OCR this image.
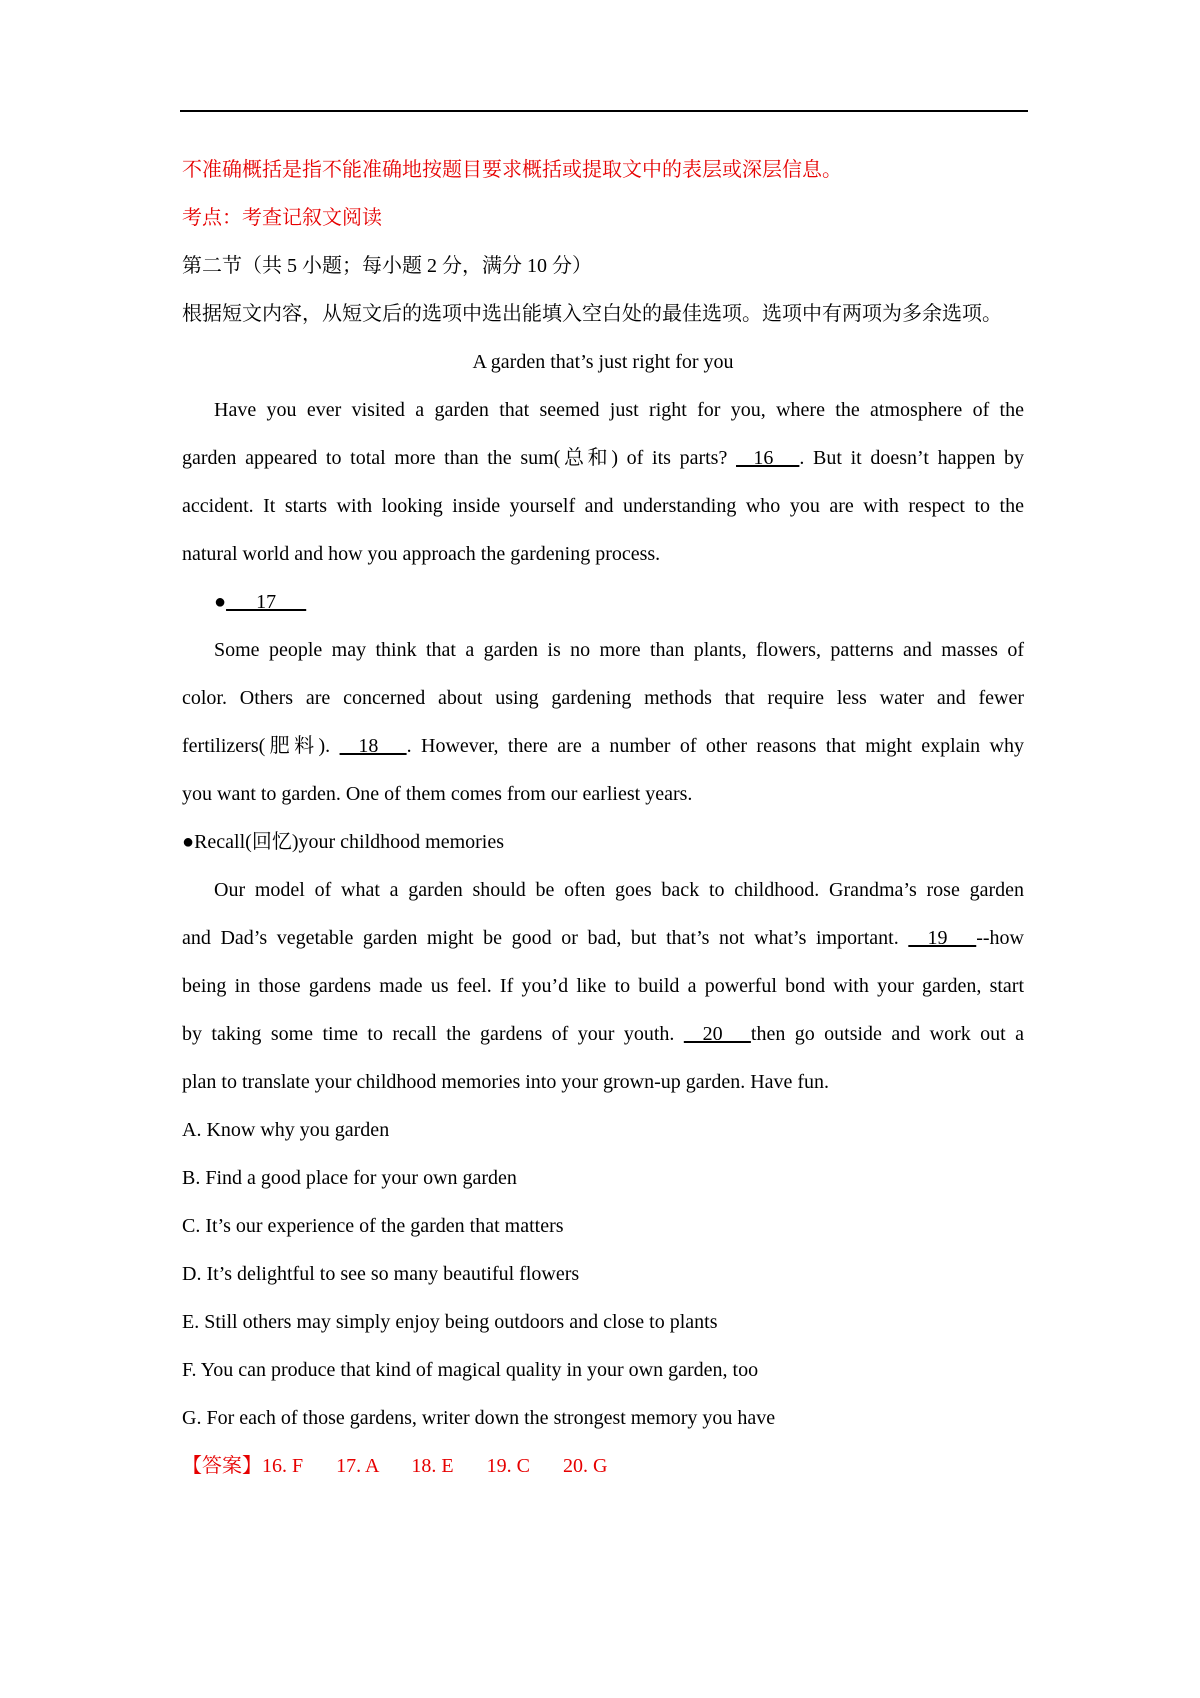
不准确概括是指不能准确地按题目要求概括或提取文中的表层或深层信息。
考点：考查记叙文阅读
第二节（共 5 小题；每小题 2 分，满分 10 分）
根据短文内容，从短文后的选项中选出能填入空白处的最佳选项。选项中有两项为多余选项。
A garden that’s just right for you
Have you ever visited a garden that seemed just right for you, where the atmosphere of the
garden appeared to total more than the sum(总和) of its parts?   16   . But it doesn’t happen by
accident. It starts with looking inside yourself and understanding who you are with respect to the
natural world and how you approach the gardening process.
●___17___
Some people may think that a garden is no more than plants, flowers, patterns and masses of
color. Others are concerned about using gardening methods that require less water and fewer
fertilizers(肥料).   18   . However, there are a number of other reasons that might explain why
you want to garden. One of them comes from our earliest years.
●Recall(回忆)your childhood memories
Our model of what a garden should be often goes back to childhood. Grandma’s rose garden
and Dad’s vegetable garden might be good or bad, but that’s not what’s important.   19   --how
being in those gardens made us feel. If you’d like to build a powerful bond with your garden, start
by taking some time to recall the gardens of your youth.   20   then go outside and work out a
plan to translate your childhood memories into your grown-up garden. Have fun.
A. Know why you garden
B. Find a good place for your own garden
C. It’s our experience of the garden that matters
D. It’s delightful to see so many beautiful flowers
E. Still others may simply enjoy being outdoors and close to plants
F. You can produce that kind of magical quality in your own garden, too
G. For each of those gardens, writer down the strongest memory you have
【答案】16. F 17. A 18. E 19. C 20. G
